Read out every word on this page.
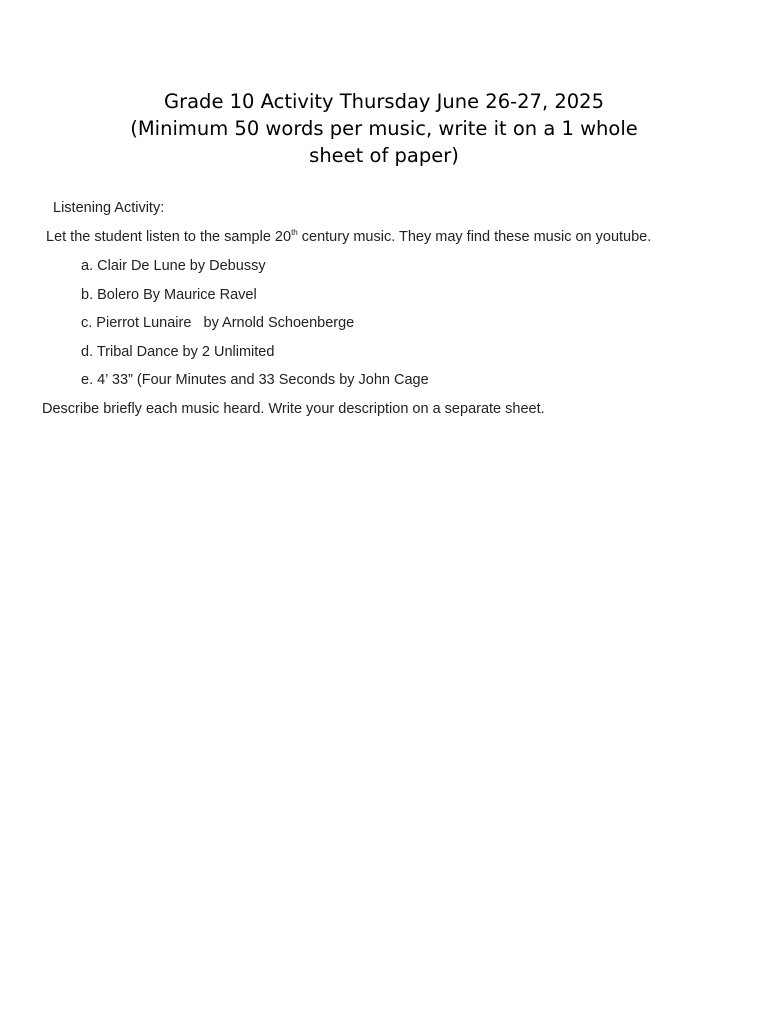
Grade 10 Activity Thursday June 26-27, 2025
(Minimum 50 words per music, write it on a 1 whole
sheet of paper)
Listening Activity:
Let the student listen to the sample 20th century music. They may find these music on youtube.
a. Clair De Lune by Debussy
b. Bolero By Maurice Ravel
c. Pierrot Lunaire   by Arnold Schoenberge
d. Tribal Dance by 2 Unlimited
e. 4’ 33” (Four Minutes and 33 Seconds by John Cage
Describe briefly each music heard. Write your description on a separate sheet.
